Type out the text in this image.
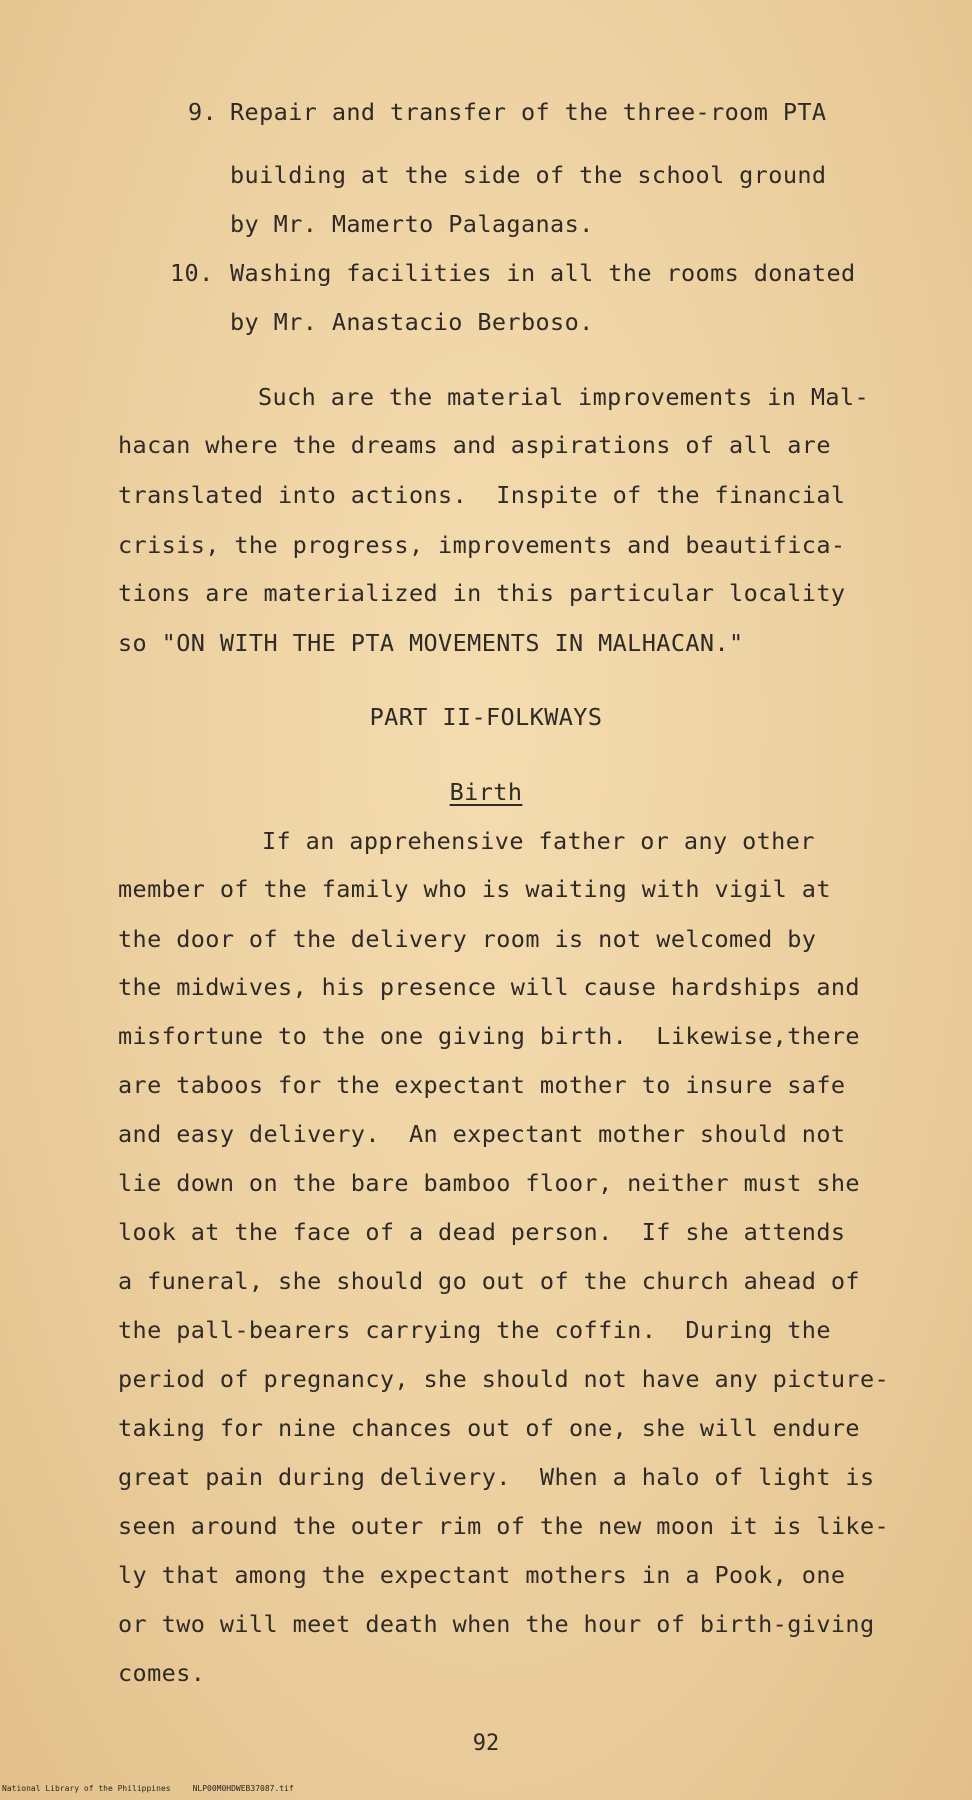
9. Repair and transfer of the three-room PTA
building at the side of the school ground
by Mr. Mamerto Palaganas.
10. Washing facilities in all the rooms donated
by Mr. Anastacio Berboso.
Such are the material improvements in Mal-
hacan where the dreams and aspirations of all are
translated into actions.  Inspite of the financial
crisis, the progress, improvements and beautifica-
tions are materialized in this particular locality
so "ON WITH THE PTA MOVEMENTS IN MALHACAN."
PART II-FOLKWAYS
Birth
If an apprehensive father or any other
member of the family who is waiting with vigil at
the door of the delivery room is not welcomed by
the midwives, his presence will cause hardships and
misfortune to the one giving birth.  Likewise,there
are taboos for the expectant mother to insure safe
and easy delivery.  An expectant mother should not
lie down on the bare bamboo floor, neither must she
look at the face of a dead person.  If she attends
a funeral, she should go out of the church ahead of
the pall-bearers carrying the coffin.  During the
period of pregnancy, she should not have any picture-
taking for nine chances out of one, she will endure
great pain during delivery.  When a halo of light is
seen around the outer rim of the new moon it is like-
ly that among the expectant mothers in a Pook, one
or two will meet death when the hour of birth-giving
comes.
92
National Library of the Philippines	NLP00M0HDWEB37087.tif
